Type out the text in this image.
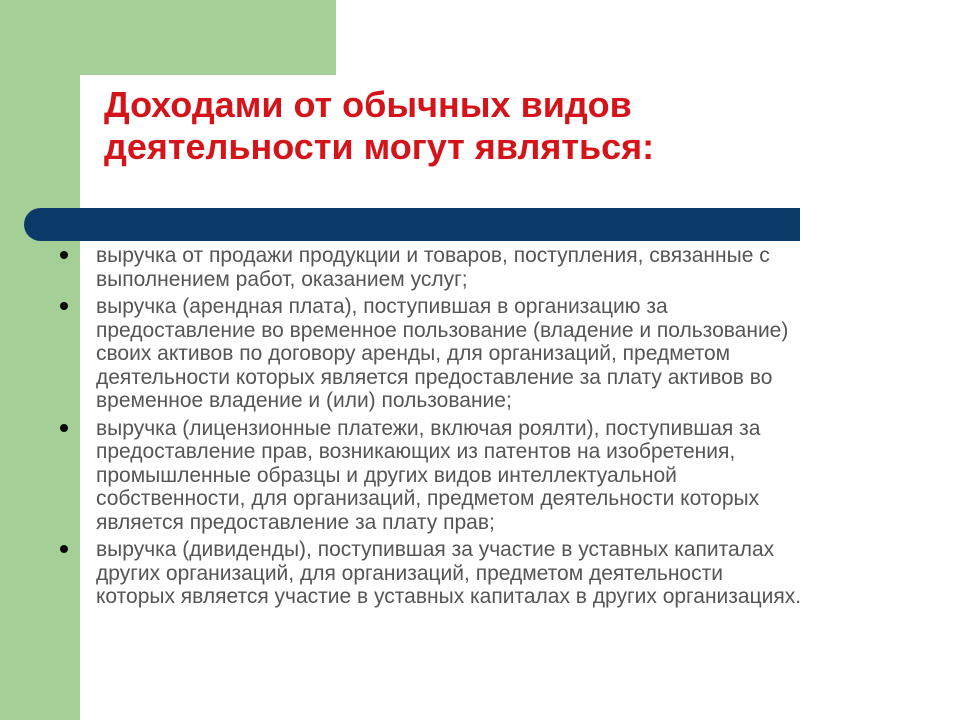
Доходами от обычных видов
деятельности могут являться:
выручка от продажи продукции и товаров, поступления, связанные с
выполнением работ, оказанием услуг;
выручка (арендная плата), поступившая в организацию за
предоставление во временное пользование (владение и пользование)
своих активов по договору аренды, для организаций, предметом
деятельности которых является предоставление за плату активов во
временное владение и (или) пользование;
выручка (лицензионные платежи, включая роялти), поступившая за
предоставление прав, возникающих из патентов на изобретения,
промышленные образцы и других видов интеллектуальной
собственности, для организаций, предметом деятельности которых
является предоставление за плату прав;
выручка (дивиденды), поступившая за участие в уставных капиталах
других организаций, для организаций, предметом деятельности
которых является участие в уставных капиталах в других организациях.
